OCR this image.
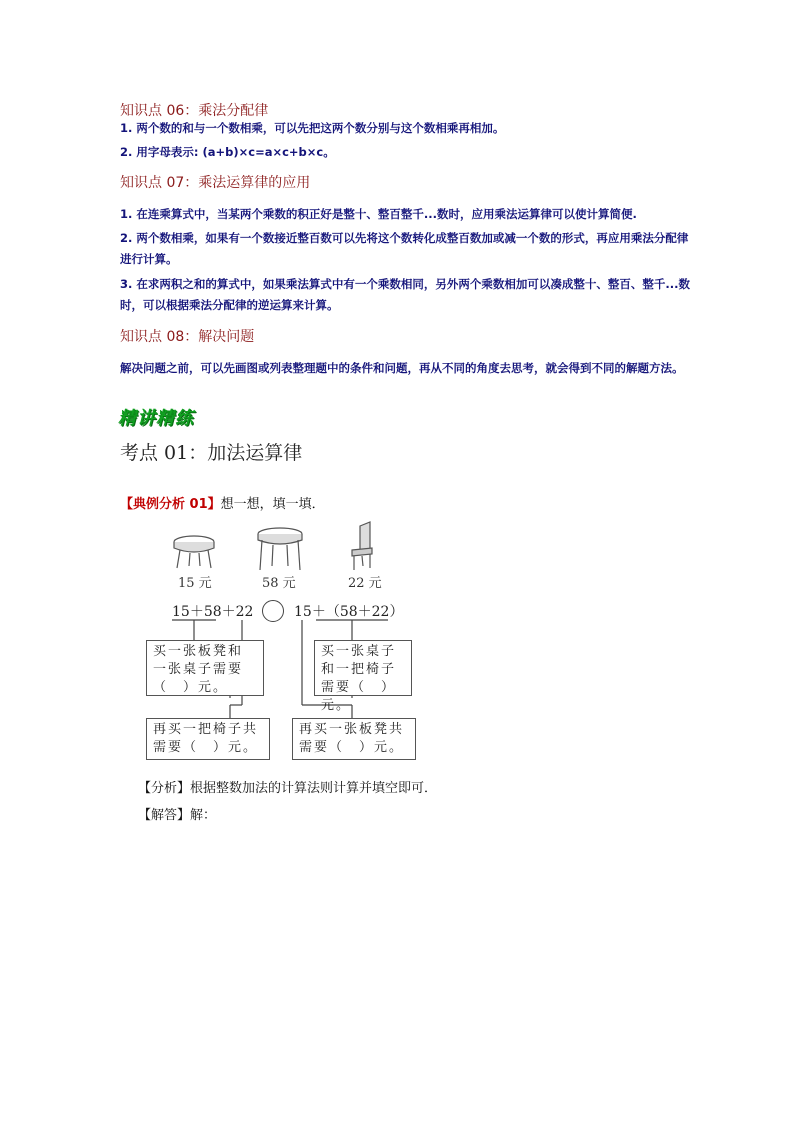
知识点 06：乘法分配律
1. 两个数的和与一个数相乘，可以先把这两个数分别与这个数相乘再相加。
2. 用字母表示: (a+b)×c=a×c+b×c。
知识点 07：乘法运算律的应用
1. 在连乘算式中，当某两个乘数的积正好是整十、整百整千...数时，应用乘法运算律可以使计算简便.
2. 两个数相乘，如果有一个数接近整百数可以先将这个数转化成整百数加或减一个数的形式，再应用乘法分配律进行计算。
3. 在求两积之和的算式中，如果乘法算式中有一个乘数相同，另外两个乘数相加可以凑成整十、整百、整千...数时，可以根据乘法分配律的逆运算来计算。
知识点 08：解决问题
解决问题之前，可以先画图或列表整理题中的条件和问题，再从不同的角度去思考，就会得到不同的解题方法。
精讲精练
考点 01：加法运算律
【典例分析 01】想一想，填一填．
15 元	58 元	22 元
15＋58＋22	15＋（58＋22）
买一张板凳和一张桌子需要（　）元。
买一张桌子和一把椅子需要（　）元。
再买一把椅子共需要（　）元。
再买一张板凳共需要（　）元。
【分析】根据整数加法的计算法则计算并填空即可．
【解答】解：
